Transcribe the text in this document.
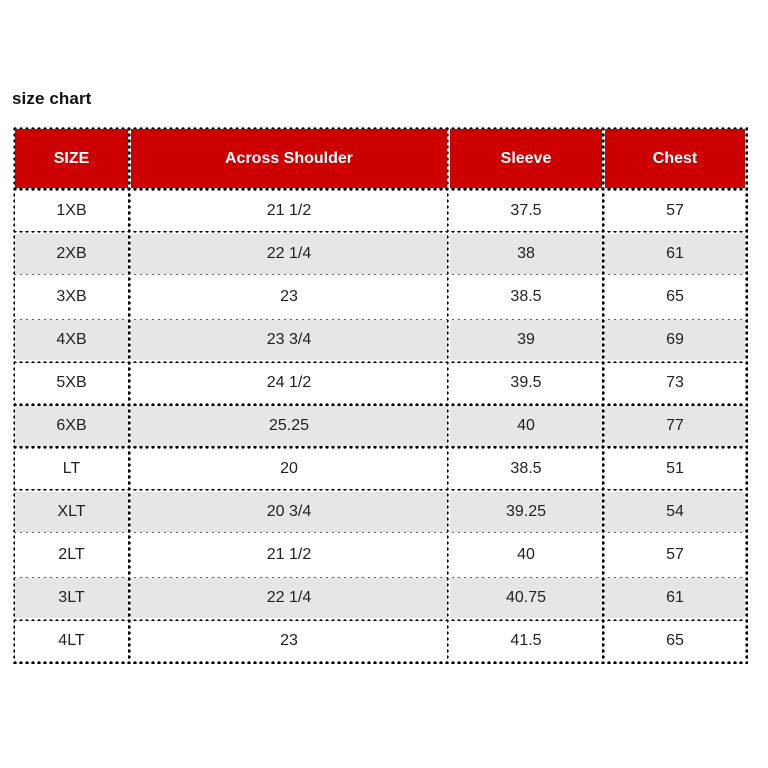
size chart
SIZE	Across Shoulder	Sleeve	Chest
1XB	21 1/2	37.5	57
2XB	22 1/4	38	61
3XB	23	38.5	65
4XB	23 3/4	39	69
5XB	24 1/2	39.5	73
6XB	25.25	40	77
LT	20	38.5	51
XLT	20 3/4	39.25	54
2LT	21 1/2	40	57
3LT	22 1/4	40.75	61
4LT	23	41.5	65
